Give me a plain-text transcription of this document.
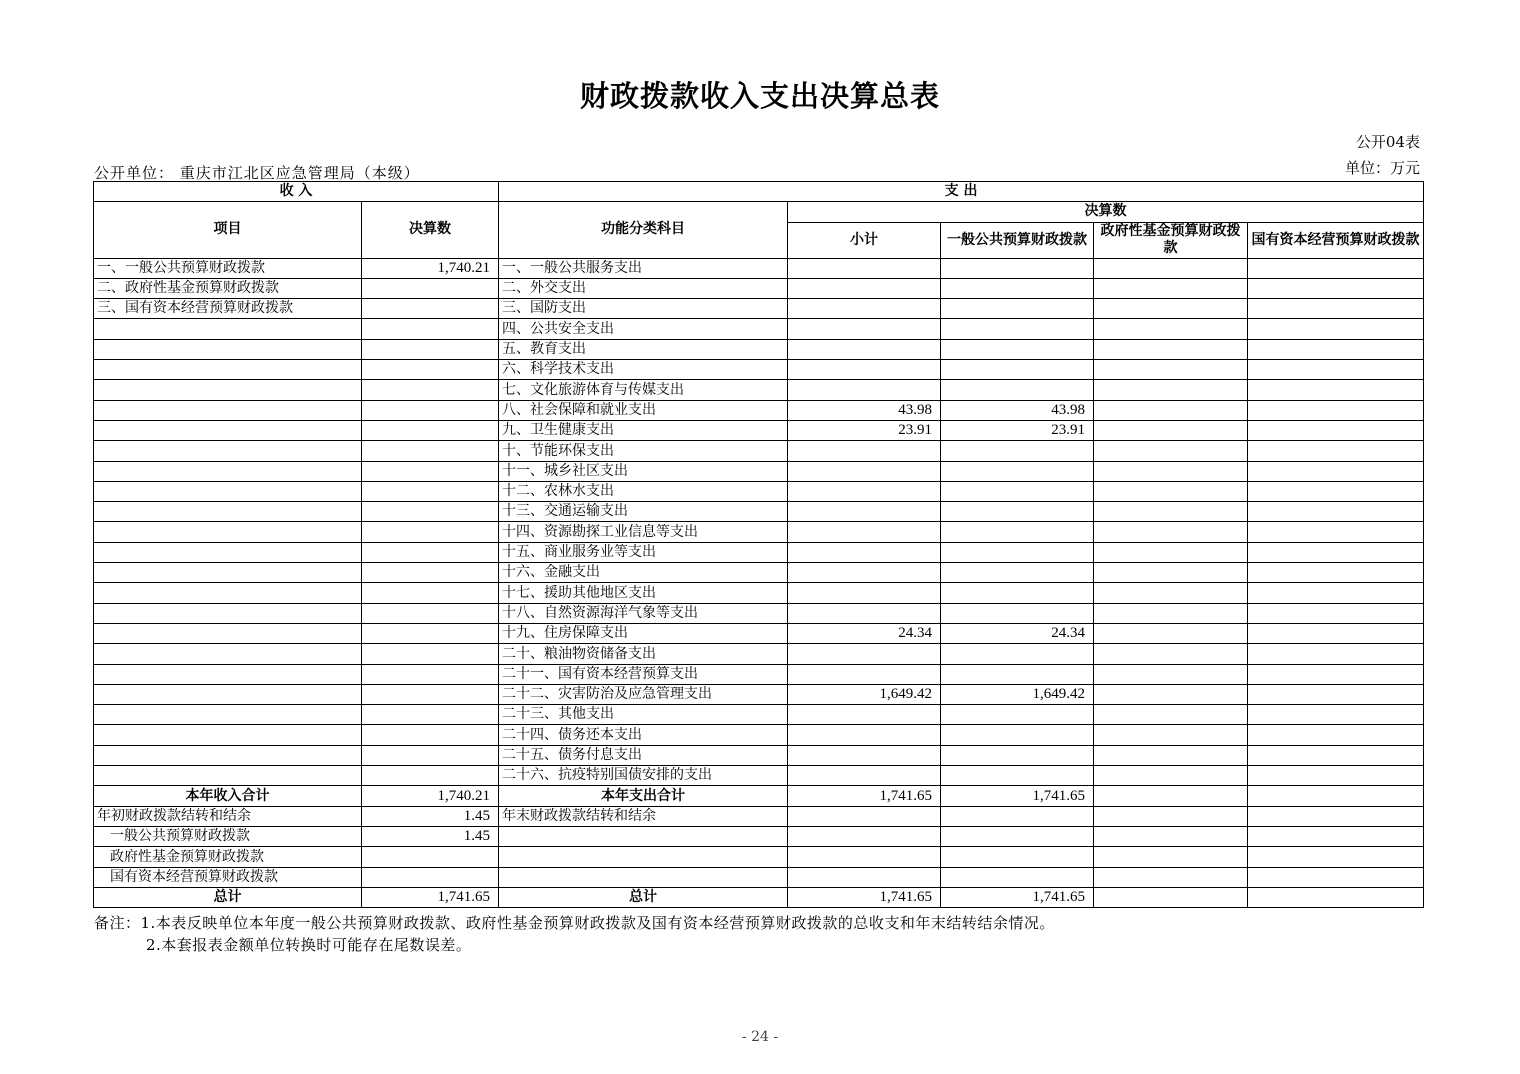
财政拨款收入支出决算总表
公开04表
公开单位： 重庆市江北区应急管理局（本级）	单位：万元
收 入		支 出				
项目	决算数	功能分类科目	决算数			
			小计	一般公共预算财政拨款	政府性基金预算财政拨款	国有资本经营预算财政拨款
一、一般公共预算财政拨款	1,740.21	一、一般公共服务支出				
二、政府性基金预算财政拨款		二、外交支出				
三、国有资本经营预算财政拨款		三、国防支出				
		四、公共安全支出				
		五、教育支出				
		六、科学技术支出				
		七、文化旅游体育与传媒支出				
		八、社会保障和就业支出	43.98	43.98		
		九、卫生健康支出	23.91	23.91		
		十、节能环保支出				
		十一、城乡社区支出				
		十二、农林水支出				
		十三、交通运输支出				
		十四、资源勘探工业信息等支出				
		十五、商业服务业等支出				
		十六、金融支出				
		十七、援助其他地区支出				
		十八、自然资源海洋气象等支出				
		十九、住房保障支出	24.34	24.34		
		二十、粮油物资储备支出				
		二十一、国有资本经营预算支出				
		二十二、灾害防治及应急管理支出	1,649.42	1,649.42		
		二十三、其他支出				
		二十四、债务还本支出				
		二十五、债务付息支出				
		二十六、抗疫特别国债安排的支出				
本年收入合计	1,740.21	本年支出合计	1,741.65	1,741.65		
年初财政拨款结转和结余	1.45	年末财政拨款结转和结余				
一般公共预算财政拨款	1.45					
政府性基金预算财政拨款						
国有资本经营预算财政拨款						
总计	1,741.65	总计	1,741.65	1,741.65		
备注：1.本表反映单位本年度一般公共预算财政拨款、政府性基金预算财政拨款及国有资本经营预算财政拨款的总收支和年末结转结余情况。
2.本套报表金额单位转换时可能存在尾数误差。
- 24 -
